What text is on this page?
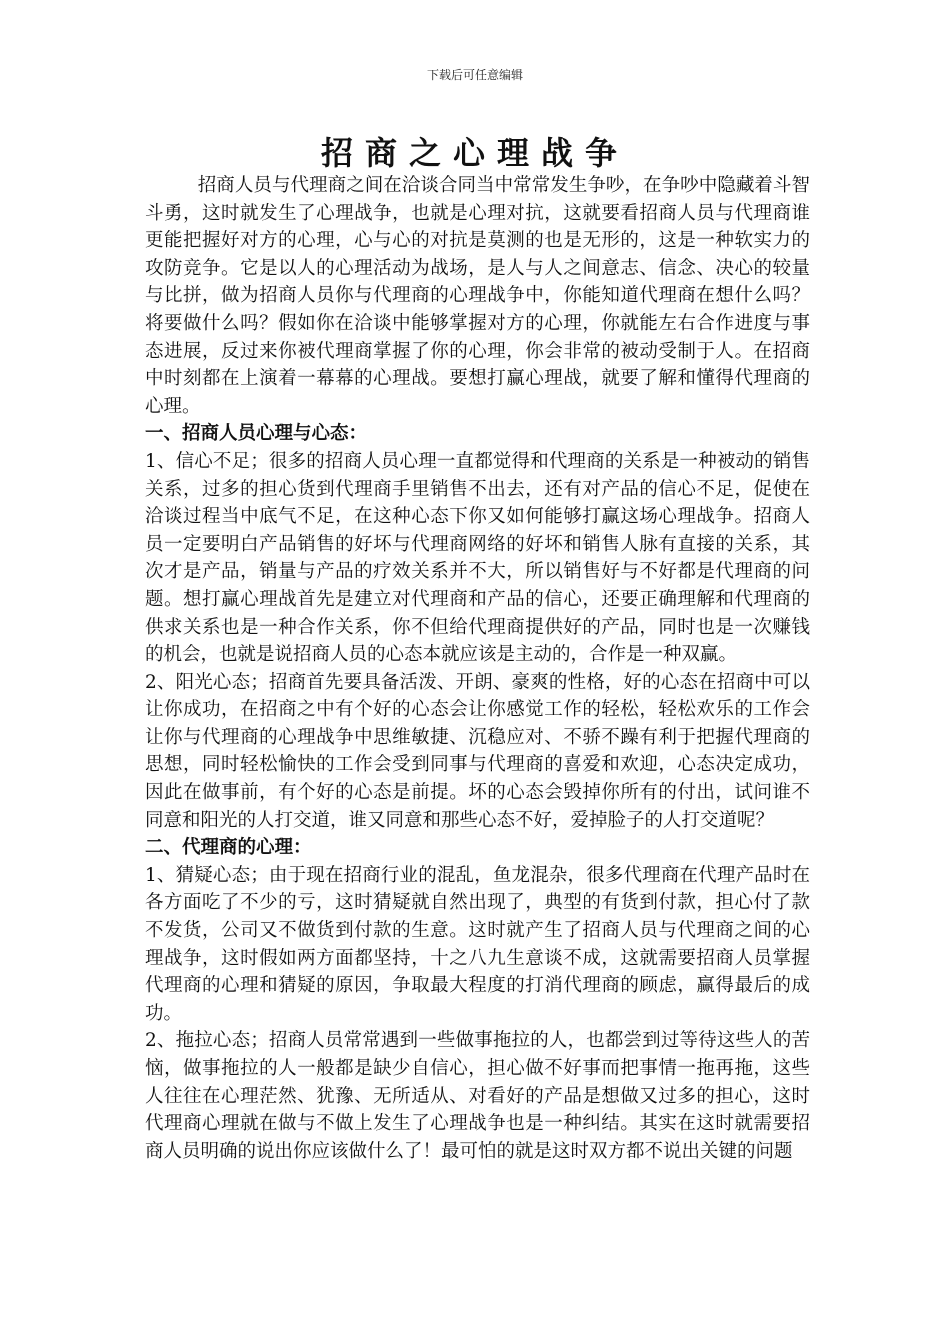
下载后可任意编辑
招商之心理战争

招商人员与代理商之间在洽谈合同当中常常发生争吵，在争吵中隐藏着斗智斗勇，这时就发生了心理战争，也就是心理对抗，这就要看招商人员与代理商谁更能把握好对方的心理，心与心的对抗是莫测的也是无形的，这是一种软实力的攻防竞争。它是以人的心理活动为战场，是人与人之间意志、信念、决心的较量与比拼，做为招商人员你与代理商的心理战争中，你能知道代理商在想什么吗？将要做什么吗？假如你在洽谈中能够掌握对方的心理，你就能左右合作进度与事态进展，反过来你被代理商掌握了你的心理，你会非常的被动受制于人。在招商中时刻都在上演着一幕幕的心理战。要想打赢心理战，就要了解和懂得代理商的心理。

一、招商人员心理与心态：

1、信心不足；很多的招商人员心理一直都觉得和代理商的关系是一种被动的销售关系，过多的担心货到代理商手里销售不出去，还有对产品的信心不足，促使在洽谈过程当中底气不足，在这种心态下你又如何能够打赢这场心理战争。招商人员一定要明白产品销售的好坏与代理商网络的好坏和销售人脉有直接的关系，其次才是产品，销量与产品的疗效关系并不大，所以销售好与不好都是代理商的问题。想打赢心理战首先是建立对代理商和产品的信心，还要正确理解和代理商的供求关系也是一种合作关系，你不但给代理商提供好的产品，同时也是一次赚钱的机会，也就是说招商人员的心态本就应该是主动的，合作是一种双赢。

2、阳光心态；招商首先要具备活泼、开朗、豪爽的性格，好的心态在招商中可以让你成功，在招商之中有个好的心态会让你感觉工作的轻松，轻松欢乐的工作会让你与代理商的心理战争中思维敏捷、沉稳应对、不骄不躁有利于把握代理商的思想，同时轻松愉快的工作会受到同事与代理商的喜爱和欢迎，心态决定成功，因此在做事前，有个好的心态是前提。坏的心态会毁掉你所有的付出，试问谁不同意和阳光的人打交道，谁又同意和那些心态不好，爱掉脸子的人打交道呢？

二、代理商的心理：

1、猜疑心态；由于现在招商行业的混乱，鱼龙混杂，很多代理商在代理产品时在各方面吃了不少的亏，这时猜疑就自然出现了，典型的有货到付款，担心付了款不发货，公司又不做货到付款的生意。这时就产生了招商人员与代理商之间的心理战争，这时假如两方面都坚持，十之八九生意谈不成，这就需要招商人员掌握代理商的心理和猜疑的原因，争取最大程度的打消代理商的顾虑，赢得最后的成功。

2、拖拉心态；招商人员常常遇到一些做事拖拉的人，也都尝到过等待这些人的苦恼，做事拖拉的人一般都是缺少自信心，担心做不好事而把事情一拖再拖，这些人往往在心理茫然、犹豫、无所适从、对看好的产品是想做又过多的担心，这时代理商心理就在做与不做上发生了心理战争也是一种纠结。其实在这时就需要招商人员明确的说出你应该做什么了！最可怕的就是这时双方都不说出关键的问题
